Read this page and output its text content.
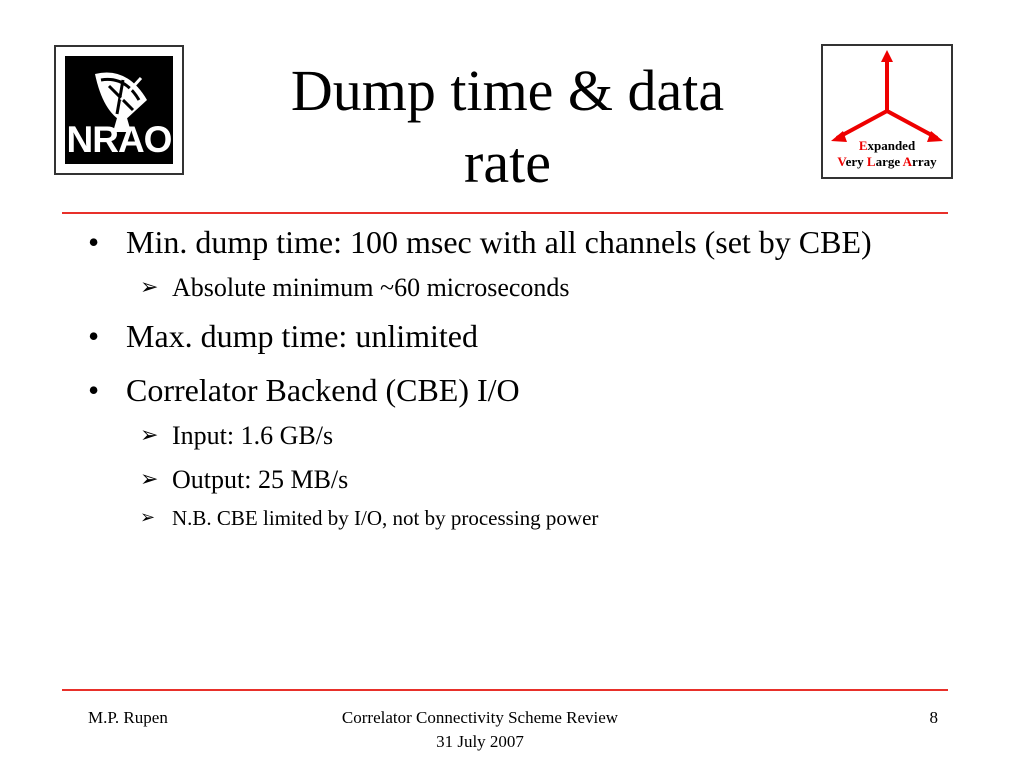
NRAO
Dump time & data
rate	Expanded
Very Large Array
• Min. dump time: 100 msec with all channels (set by CBE)
➢ Absolute minimum ~60 microseconds
• Max. dump time: unlimited
• Correlator Backend (CBE) I/O
➢ Input: 1.6 GB/s
➢ Output: 25 MB/s
➢ N.B. CBE limited by I/O, not by processing power
M.P. Rupen	Correlator Connectivity Scheme Review
31 July 2007
8
